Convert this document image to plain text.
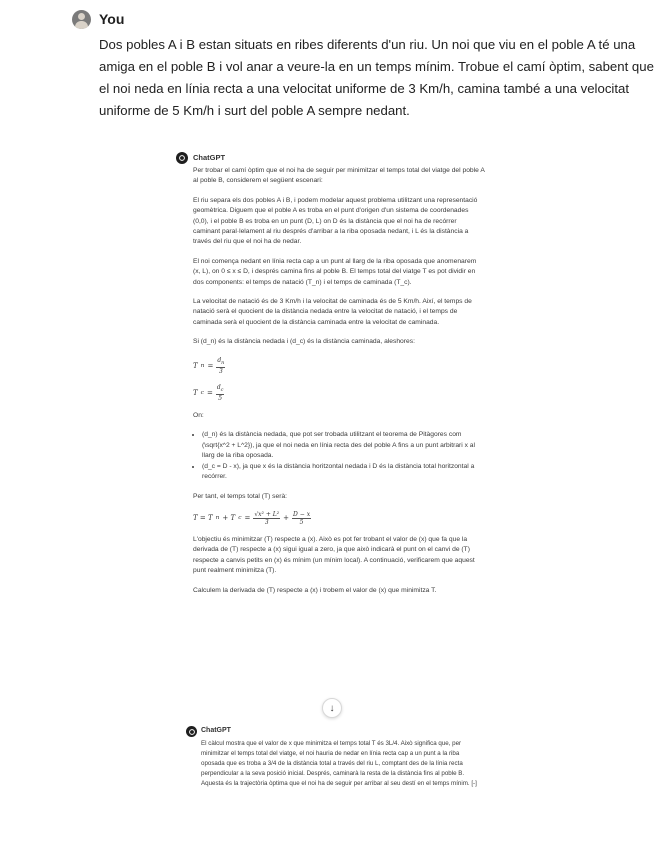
You
Dos pobles A i B estan situats en ribes diferents d'un riu. Un noi que viu en el poble A té una amiga en el poble B i vol anar a veure-la en un temps mínim. Trobue el camí òptim, sabent que el noi neda en línia recta a una velocitat uniforme de 3 Km/h, camina també a una velocitat uniforme de 5 Km/h i surt del poble A sempre nedant.
ChatGPT

Per trobar el camí òptim que el noi ha de seguir per minimitzar el temps total del viatge del poble A al poble B, considerem el següent escenari:

El riu separa els dos pobles A i B, i podem modelar aquest problema utilitzant una representació geomètrica. Diguem que el poble A es troba en el punt d'origen d'un sistema de coordenades (0,0), i el poble B es troba en un punt (D, L) on D és la distància que el noi ha de recórrer caminant paral·lelament al riu després d'arribar a la riba oposada nedant, i L és la distància a través del riu que el noi ha de nedar.

El noi comença nedant en línia recta cap a un punt al llarg de la riba oposada que anomenarem (x, L), on 0 ≤ x ≤ D, i després camina fins al poble B. El temps total del viatge T es pot dividir en dos components: el temps de natació (T_n) i el temps de caminada (T_c).

La velocitat de natació és de 3 Km/h i la velocitat de caminada és de 5 Km/h. Així, el temps de natació serà el quocient de la distància nedada entre la velocitat de natació, i el temps de caminada serà el quocient de la distància caminada entre la velocitat de caminada.

Si (d_n) és la distància nedada i (d_c) és la distància caminada, aleshores:

T $n = \frac{d_n}{3}$
T $c = \frac{d_c}{5}$

On:

• (d_n) és la distància nedada, que pot ser trobada utilitzant el teorema de Pitàgores com (\sqrt{x^2 + L^2}), ja que el noi neda en línia recta des del poble A fins a un punt arbitrari x al llarg de la riba oposada.
• (d_c = D - x), ja que x és la distància horitzontal nedada i D és la distància total horitzontal a recórrer.

Per tant, el temps total (T) serà:

T = T n + T $c = \frac{\text{√x² + L²}}{3} + \frac{D - x}{5}$

L'objectiu és minimitzar (T) respecte a (x). Això es pot fer trobant el valor de (x) que fa que la derivada de (T) respecte a (x) sigui igual a zero, ja que això indicarà el punt on el canvi de (T) respecte a canvis petits en (x) és mínim (un mínim local). A continuació, verificarem que aquest punt realment minimitza (T).

Calculem la derivada de (T) respecte a (x) i trobem el valor de (x) que minimitza T.

↓
ChatGPT
El càlcul mostra que el valor de x que minimitza el temps total T és 3L/4. Això significa que, per minimitzar el temps total del viatge, el noi hauria de nedar en línia recta cap a un punt a la riba oposada que es troba a 3/4 de la distància total a través del riu L, comptant des de la línia recta perpendicular a la seva posició inicial. Després, caminarà la resta de la distància fins al poble B. Aquesta és la trajectòria òptima que el noi ha de seguir per arribar al seu destí en el temps mínim. [-]
